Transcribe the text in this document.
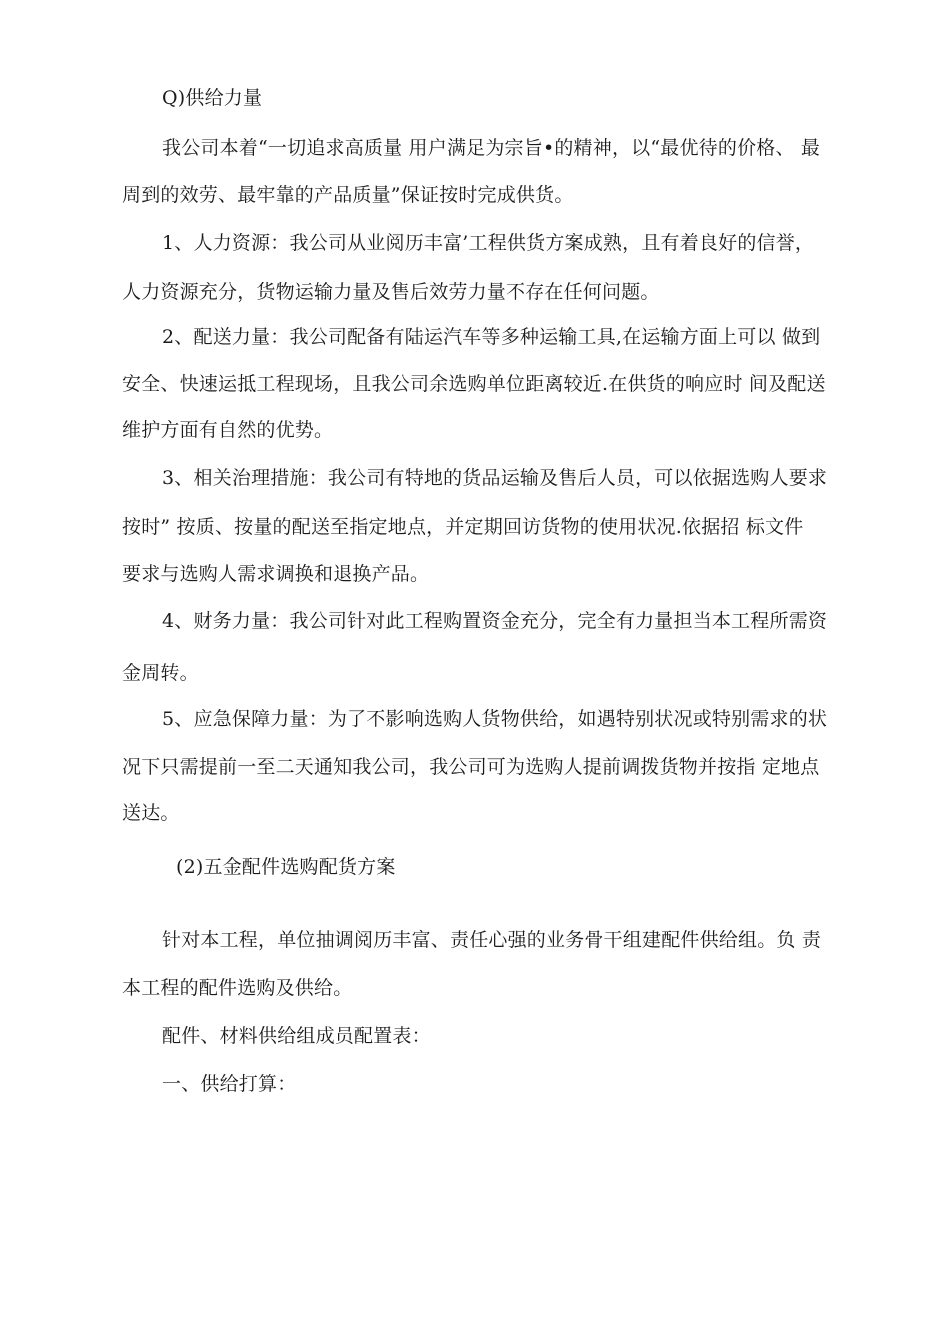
Q)供给力量
我公司本着“一切追求高质量 用户满足为宗旨•的精神，以“最优待的价格、 最
周到的效劳、最牢靠的产品质量”保证按时完成供货。
1、人力资源：我公司从业阅历丰富’工程供货方案成熟，且有着良好的信誉，
人力资源充分，货物运输力量及售后效劳力量不存在任何问题。
2、配送力量：我公司配备有陆运汽车等多种运输工具,在运输方面上可以 做到
安全、快速运抵工程现场，且我公司余选购单位距离较近.在供货的响应时 间及配送
维护方面有自然的优势。
3、相关治理措施：我公司有特地的货品运输及售后人员，可以依据选购人要求
按时” 按质、按量的配送至指定地点，并定期回访货物的使用状况.依据招 标文件
要求与选购人需求调换和退换产品。
4、财务力量：我公司针对此工程购置资金充分，完全有力量担当本工程所需资
金周转。
5、应急保障力量：为了不影响选购人货物供给，如遇特别状况或特别需求的状
况下只需提前一至二天通知我公司，我公司可为选购人提前调拨货物并按指 定地点
送达。
(2)五金配件选购配货方案
针对本工程，单位抽调阅历丰富、责任心强的业务骨干组建配件供给组。负 责
本工程的配件选购及供给。
配件、材料供给组成员配置表：
一、供给打算：
